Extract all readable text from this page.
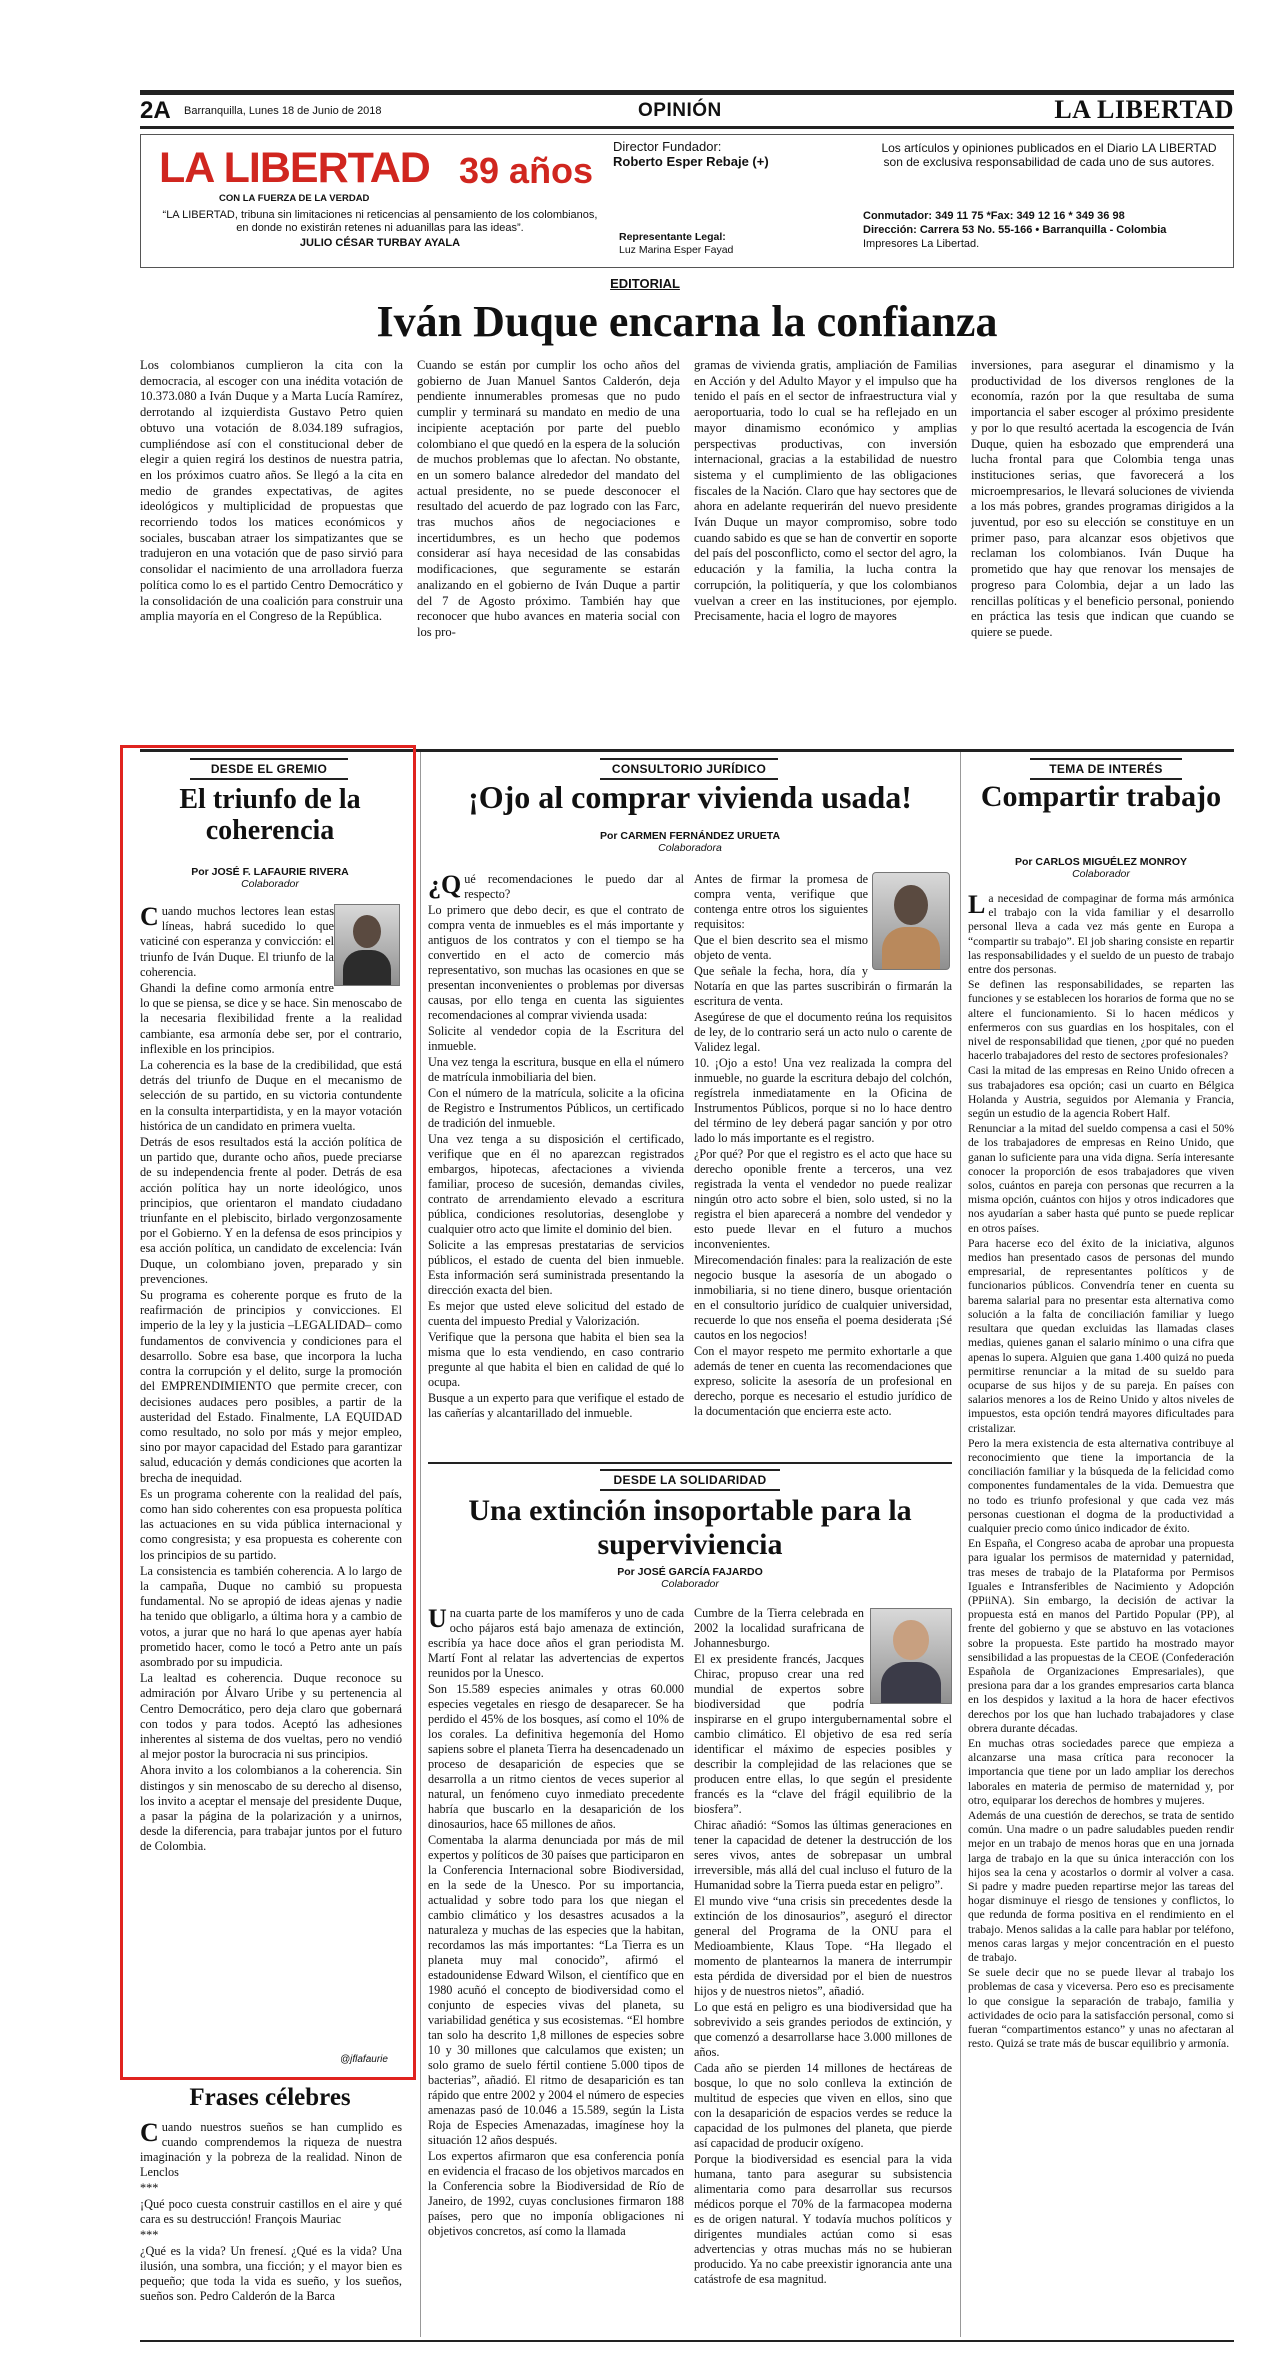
2A Barranquilla, Lunes 18 de Junio de 2018	OPINIÓN	LA LIBERTAD
LA LIBERTAD 39 años
CON LA FUERZA DE LA VERDAD
“LA LIBERTAD, tribuna sin limitaciones ni reticencias al pensamiento de los colombianos, en donde no existirán retenes ni aduanillas para las ideas”.
JULIO CÉSAR TURBAY AYALA
Director Fundador:
Roberto Esper Rebaje (+)
Representante Legal:
Luz Marina Esper Fayad
Los artículos y opiniones publicados en el Diario LA LIBERTAD son de exclusiva responsabilidad de cada uno de sus autores.
Conmutador: 349 11 75 *Fax: 349 12 16 * 349 36 98
Dirección: Carrera 53 No. 55-166 • Barranquilla - Colombia
Impresores La Libertad.
EDITORIAL
Iván Duque encarna la confianza

Los colombianos cumplieron la cita con la democracia, al escoger con una inédita votación de 10.373.080 a Iván Duque y a Marta Lucía Ramírez, derrotando al izquierdista Gustavo Petro quien obtuvo una votación de 8.034.189 sufragios, cumpliéndose así con el constitucional deber de elegir a quien regirá los destinos de nuestra patria, en los próximos cuatro años. Se llegó a la cita en medio de grandes expectativas, de agites ideológicos y multiplicidad de propuestas que recorriendo todos los matices económicos y sociales, buscaban atraer los simpatizantes que se tradujeron en una votación que de paso sirvió para consolidar el nacimiento de una arrolladora fuerza política como lo es el partido Centro Democrático y la consolidación de una coalición para construir una amplia mayoría en el Congreso de la República.

Cuando se están por cumplir los ocho años del gobierno de Juan Manuel Santos Calderón, deja pendiente innumerables promesas que no pudo cumplir y terminará su mandato en medio de una incipiente aceptación por parte del pueblo colombiano el que quedó en la espera de la solución de muchos problemas que lo afectan. No obstante, en un somero balance alrededor del mandato del actual presidente, no se puede desconocer el resultado del acuerdo de paz logrado con las Farc, tras muchos años de negociaciones e incertidumbres, es un hecho que podemos considerar así haya necesidad de las consabidas modificaciones, que seguramente se estarán analizando en el gobierno de Iván Duque a partir del 7 de Agosto próximo. También hay que reconocer que hubo avances en materia social con los pro-

gramas de vivienda gratis, ampliación de Familias en Acción y del Adulto Mayor y el impulso que ha tenido el país en el sector de infraestructura vial y aeroportuaria, todo lo cual se ha reflejado en un mayor dinamismo económico y amplias perspectivas productivas, con inversión internacional, gracias a la estabilidad de nuestro sistema y el cumplimiento de las obligaciones fiscales de la Nación. Claro que hay sectores que de ahora en adelante requerirán del nuevo presidente Iván Duque un mayor compromiso, sobre todo cuando sabido es que se han de convertir en soporte del país del posconflicto, como el sector del agro, la educación y la familia, la lucha contra la corrupción, la politiquería, y que los colombianos vuelvan a creer en las instituciones, por ejemplo. Precisamente, hacia el logro de mayores

inversiones, para asegurar el dinamismo y la productividad de los diversos renglones de la economía, razón por la que resultaba de suma importancia el saber escoger al próximo presidente y por lo que resultó acertada la escogencia de Iván Duque, quien ha esbozado que emprenderá una lucha frontal para que Colombia tenga unas instituciones serias, que favorecerá a los microempresarios, le llevará soluciones de vivienda a los más pobres, grandes programas dirigidos a la juventud, por eso su elección se constituye en un primer paso, para alcanzar esos objetivos que reclaman los colombianos. Iván Duque ha prometido que hay que renovar los mensajes de progreso para Colombia, dejar a un lado las rencillas políticas y el beneficio personal, poniendo en práctica las tesis que indican que cuando se quiere se puede.

DESDE EL GREMIO
El triunfo de la coherencia
Por JOSÉ F. LAFAURIE RIVERA
Colaborador

Cuando muchos lectores lean estas líneas, habrá sucedido lo que vaticiné con esperanza y convicción: el triunfo de Iván Duque. El triunfo de la coherencia.

Ghandi la define como armonía entre lo que se piensa, se dice y se hace. Sin menoscabo de la necesaria flexibilidad frente a la realidad cambiante, esa armonía debe ser, por el contrario, inflexible en los principios.

La coherencia es la base de la credibilidad, que está detrás del triunfo de Duque en el mecanismo de selección de su partido, en su victoria contundente en la consulta interpartidista, y en la mayor votación histórica de un candidato en primera vuelta.

Detrás de esos resultados está la acción política de un partido que, durante ocho años, puede preciarse de su independencia frente al poder. Detrás de esa acción política hay un norte ideológico, unos principios, que orientaron el mandato ciudadano triunfante en el plebiscito, birlado vergonzosamente por el Gobierno. Y en la defensa de esos principios y esa acción política, un candidato de excelencia: Iván Duque, un colombiano joven, preparado y sin prevenciones.

Su programa es coherente porque es fruto de la reafirmación de principios y convicciones. El imperio de la ley y la justicia –LEGALIDAD– como fundamentos de convivencia y condiciones para el desarrollo. Sobre esa base, que incorpora la lucha contra la corrupción y el delito, surge la promoción del EMPRENDIMIENTO que permite crecer, con decisiones audaces pero posibles, a partir de la austeridad del Estado. Finalmente, LA EQUIDAD como resultado, no solo por más y mejor empleo, sino por mayor capacidad del Estado para garantizar salud, educación y demás condiciones que acorten la brecha de inequidad.

Es un programa coherente con la realidad del país, como han sido coherentes con esa propuesta política las actuaciones en su vida pública internacional y como congresista; y esa propuesta es coherente con los principios de su partido.

La consistencia es también coherencia. A lo largo de la campaña, Duque no cambió su propuesta fundamental. No se apropió de ideas ajenas y nadie ha tenido que obligarlo, a última hora y a cambio de votos, a jurar que no hará lo que apenas ayer había prometido hacer, como le tocó a Petro ante un país asombrado por su impudicia.

La lealtad es coherencia. Duque reconoce su admiración por Álvaro Uribe y su pertenencia al Centro Democrático, pero deja claro que gobernará con todos y para todos. Aceptó las adhesiones inherentes al sistema de dos vueltas, pero no vendió al mejor postor la burocracia ni sus principios.

Ahora invito a los colombianos a la coherencia. Sin distingos y sin menoscabo de su derecho al disenso, los invito a aceptar el mensaje del presidente Duque, a pasar la página de la polarización y a unirnos, desde la diferencia, para trabajar juntos por el futuro de Colombia.

@jflafaurie
Frases célebres

Cuando nuestros sueños se han cumplido es cuando comprendemos la riqueza de nuestra imaginación y la pobreza de la realidad. Ninon de Lenclos

***

¡Qué poco cuesta construir castillos en el aire y qué cara es su destrucción! François Mauriac

***

¿Qué es la vida? Un frenesí. ¿Qué es la vida? Una ilusión, una sombra, una ficción; y el mayor bien es pequeño; que toda la vida es sueño, y los sueños, sueños son. Pedro Calderón de la Barca

CONSULTORIO JURÍDICO
¡Ojo al comprar vivienda usada!
Por CARMEN FERNÁNDEZ URUETA
Colaboradora

¿Qué recomendaciones le puedo dar al respecto?

Lo primero que debo decir, es que el contrato de compra venta de inmuebles es el más importante y antiguos de los contratos y con el tiempo se ha convertido en el acto de comercio más representativo, son muchas las ocasiones en que se presentan inconvenientes o problemas por diversas causas, por ello tenga en cuenta las siguientes recomendaciones al comprar vivienda usada:

Solicite al vendedor copia de la Escritura del inmueble.

Una vez tenga la escritura, busque en ella el número de matrícula inmobiliaria del bien.

Con el número de la matrícula, solicite a la oficina de Registro e Instrumentos Públicos, un certificado de tradición del inmueble.

Una vez tenga a su disposición el certificado, verifique que en él no aparezcan registrados embargos, hipotecas, afectaciones a vivienda familiar, proceso de sucesión, demandas civiles, contrato de arrendamiento elevado a escritura pública, condiciones resolutorias, desenglobe y cualquier otro acto que limite el dominio del bien.

Solicite a las empresas prestatarias de servicios públicos, el estado de cuenta del bien inmueble. Esta información será suministrada presentando la dirección exacta del bien.

Es mejor que usted eleve solicitud del estado de cuenta del impuesto Predial y Valorización.

Verifique que la persona que habita el bien sea la misma que lo esta vendiendo, en caso contrario pregunte al que habita el bien en calidad de qué lo ocupa.

Busque a un experto para que verifique el estado de las cañerías y alcantarillado del inmueble.

Antes de firmar la promesa de compra venta, verifique que contenga entre otros los siguientes requisitos:

Que el bien descrito sea el mismo objeto de venta.

Que señale la fecha, hora, día y Notaría en que las partes suscribirán o firmarán la escritura de venta.

Asegúrese de que el documento reúna los requisitos de ley, de lo contrario será un acto nulo o carente de Validez legal.

10. ¡Ojo a esto! Una vez realizada la compra del inmueble, no guarde la escritura debajo del colchón, regístrela inmediatamente en la Oficina de Instrumentos Públicos, porque si no lo hace dentro del término de ley deberá pagar sanción y por otro lado lo más importante es el registro.

¿Por qué? Por que el registro es el acto que hace su derecho oponible frente a terceros, una vez registrada la venta el vendedor no puede realizar ningún otro acto sobre el bien, solo usted, si no la registra el bien aparecerá a nombre del vendedor y esto puede llevar en el futuro a muchos inconvenientes.

Mirecomendación finales: para la realización de este negocio busque la asesoría de un abogado o inmobiliaria, si no tiene dinero, busque orientación en el consultorio jurídico de cualquier universidad, recuerde lo que nos enseña el poema desiderata ¡Sé cautos en los negocios!

Con el mayor respeto me permito exhortarle a que además de tener en cuenta las recomendaciones que expreso, solicite la asesoría de un profesional en derecho, porque es necesario el estudio jurídico de la documentación que encierra este acto.

DESDE LA SOLIDARIDAD
Una extinción insoportable para la superviviencia
Por JOSÉ GARCÍA FAJARDO
Colaborador

Una cuarta parte de los mamíferos y uno de cada ocho pájaros está bajo amenaza de extinción, escribía ya hace doce años el gran periodista M. Martí Font al relatar las advertencias de expertos reunidos por la Unesco.

Son 15.589 especies animales y otras 60.000 especies vegetales en riesgo de desaparecer. Se ha perdido el 45% de los bosques, así como el 10% de los corales. La definitiva hegemonía del Homo sapiens sobre el planeta Tierra ha desencadenado un proceso de desaparición de especies que se desarrolla a un ritmo cientos de veces superior al natural, un fenómeno cuyo inmediato precedente habría que buscarlo en la desaparición de los dinosaurios, hace 65 millones de años.

Comentaba la alarma denunciada por más de mil expertos y políticos de 30 países que participaron en la Conferencia Internacional sobre Biodiversidad, en la sede de la Unesco. Por su importancia, actualidad y sobre todo para los que niegan el cambio climático y los desastres acusados a la naturaleza y muchas de las especies que la habitan, recordamos las más importantes: “La Tierra es un planeta muy mal conocido”, afirmó el estadounidense Edward Wilson, el científico que en 1980 acuñó el concepto de biodiversidad como el conjunto de especies vivas del planeta, su variabilidad genética y sus ecosistemas. “El hombre tan solo ha descrito 1,8 millones de especies sobre 10 y 30 millones que calculamos que existen; un solo gramo de suelo fértil contiene 5.000 tipos de bacterias”, añadió. El ritmo de desaparición es tan rápido que entre 2002 y 2004 el número de especies amenazas pasó de 10.046 a 15.589, según la Lista Roja de Especies Amenazadas, imagínese hoy la situación 12 años después.

Los expertos afirmaron que esa conferencia ponía en evidencia el fracaso de los objetivos marcados en la Conferencia sobre la Biodiversidad de Río de Janeiro, de 1992, cuyas conclusiones firmaron 188 países, pero que no imponía obligaciones ni objetivos concretos, así como la llamada

Cumbre de la Tierra celebrada en 2002 la localidad surafricana de Johannesburgo.

El ex presidente francés, Jacques Chirac, propuso crear una red mundial de expertos sobre biodiversidad que podría inspirarse en el grupo intergubernamental sobre el cambio climático. El objetivo de esa red sería identificar el máximo de especies posibles y describir la complejidad de las relaciones que se producen entre ellas, lo que según el presidente francés es la “clave del frágil equilibrio de la biosfera”.

Chirac añadió: “Somos las últimas generaciones en tener la capacidad de detener la destrucción de los seres vivos, antes de sobrepasar un umbral irreversible, más allá del cual incluso el futuro de la Humanidad sobre la Tierra pueda estar en peligro”.

El mundo vive “una crisis sin precedentes desde la extinción de los dinosaurios”, aseguró el director general del Programa de la ONU para el Medioambiente, Klaus Tope. “Ha llegado el momento de plantearnos la manera de interrumpir esta pérdida de diversidad por el bien de nuestros hijos y de nuestros nietos”, añadió.

Lo que está en peligro es una biodiversidad que ha sobrevivido a seis grandes periodos de extinción, y que comenzó a desarrollarse hace 3.000 millones de años.

Cada año se pierden 14 millones de hectáreas de bosque, lo que no solo conlleva la extinción de multitud de especies que viven en ellos, sino que con la desaparición de espacios verdes se reduce la capacidad de los pulmones del planeta, que pierde así capacidad de producir oxígeno.

Porque la biodiversidad es esencial para la vida humana, tanto para asegurar su subsistencia alimentaria como para desarrollar sus recursos médicos porque el 70% de la farmacopea moderna es de origen natural. Y todavía muchos políticos y dirigentes mundiales actúan como si esas advertencias y otras muchas más no se hubieran producido. Ya no cabe preexistir ignorancia ante una catástrofe de esa magnitud.

TEMA DE INTERÉS
Compartir trabajo
Por CARLOS MIGUÉLEZ MONROY
Colaborador

La necesidad de compaginar de forma más armónica el trabajo con la vida familiar y el desarrollo personal lleva a cada vez más gente en Europa a “compartir su trabajo”. El job sharing consiste en repartir las responsabilidades y el sueldo de un puesto de trabajo entre dos personas.

Se definen las responsabilidades, se reparten las funciones y se establecen los horarios de forma que no se altere el funcionamiento. Si lo hacen médicos y enfermeros con sus guardias en los hospitales, con el nivel de responsabilidad que tienen, ¿por qué no pueden hacerlo trabajadores del resto de sectores profesionales?

Casi la mitad de las empresas en Reino Unido ofrecen a sus trabajadores esa opción; casi un cuarto en Bélgica Holanda y Austria, seguidos por Alemania y Francia, según un estudio de la agencia Robert Half.

Renunciar a la mitad del sueldo compensa a casi el 50% de los trabajadores de empresas en Reino Unido, que ganan lo suficiente para una vida digna. Sería interesante conocer la proporción de esos trabajadores que viven solos, cuántos en pareja con personas que recurren a la misma opción, cuántos con hijos y otros indicadores que nos ayudarían a saber hasta qué punto se puede replicar en otros países.

Para hacerse eco del éxito de la iniciativa, algunos medios han presentado casos de personas del mundo empresarial, de representantes políticos y de funcionarios públicos. Convendría tener en cuenta su barema salarial para no presentar esta alternativa como solución a la falta de conciliación familiar y luego resultara que quedan excluidas las llamadas clases medias, quienes ganan el salario mínimo o una cifra que apenas lo supera. Alguien que gana 1.400 quizá no pueda permitirse renunciar a la mitad de su sueldo para ocuparse de sus hijos y de su pareja. En países con salarios menores a los de Reino Unido y altos niveles de impuestos, esta opción tendrá mayores dificultades para cristalizar.

Pero la mera existencia de esta alternativa contribuye al reconocimiento que tiene la importancia de la conciliación familiar y la búsqueda de la felicidad como componentes fundamentales de la vida. Demuestra que no todo es triunfo profesional y que cada vez más personas cuestionan el dogma de la productividad a cualquier precio como único indicador de éxito.

En España, el Congreso acaba de aprobar una propuesta para igualar los permisos de maternidad y paternidad, tras meses de trabajo de la Plataforma por Permisos Iguales e Intransferibles de Nacimiento y Adopción (PPiiNA). Sin embargo, la decisión de activar la propuesta está en manos del Partido Popular (PP), al frente del gobierno y que se abstuvo en las votaciones sobre la propuesta. Este partido ha mostrado mayor sensibilidad a las propuestas de la CEOE (Confederación Española de Organizaciones Empresariales), que presiona para dar a los grandes empresarios carta blanca en los despidos y laxitud a la hora de hacer efectivos derechos por los que han luchado trabajadores y clase obrera durante décadas.

En muchas otras sociedades parece que empieza a alcanzarse una masa crítica para reconocer la importancia que tiene por un lado ampliar los derechos laborales en materia de permiso de maternidad y, por otro, equiparar los derechos de hombres y mujeres.

Además de una cuestión de derechos, se trata de sentido común. Una madre o un padre saludables pueden rendir mejor en un trabajo de menos horas que en una jornada larga de trabajo en la que su única interacción con los hijos sea la cena y acostarlos o dormir al volver a casa. Si padre y madre pueden repartirse mejor las tareas del hogar disminuye el riesgo de tensiones y conflictos, lo que redunda de forma positiva en el rendimiento en el trabajo. Menos salidas a la calle para hablar por teléfono, menos caras largas y mejor concentración en el puesto de trabajo.

Se suele decir que no se puede llevar al trabajo los problemas de casa y viceversa. Pero eso es precisamente lo que consigue la separación de trabajo, familia y actividades de ocio para la satisfacción personal, como si fueran “compartimentos estanco” y unas no afectaran al resto. Quizá se trate más de buscar equilibrio y armonía.
